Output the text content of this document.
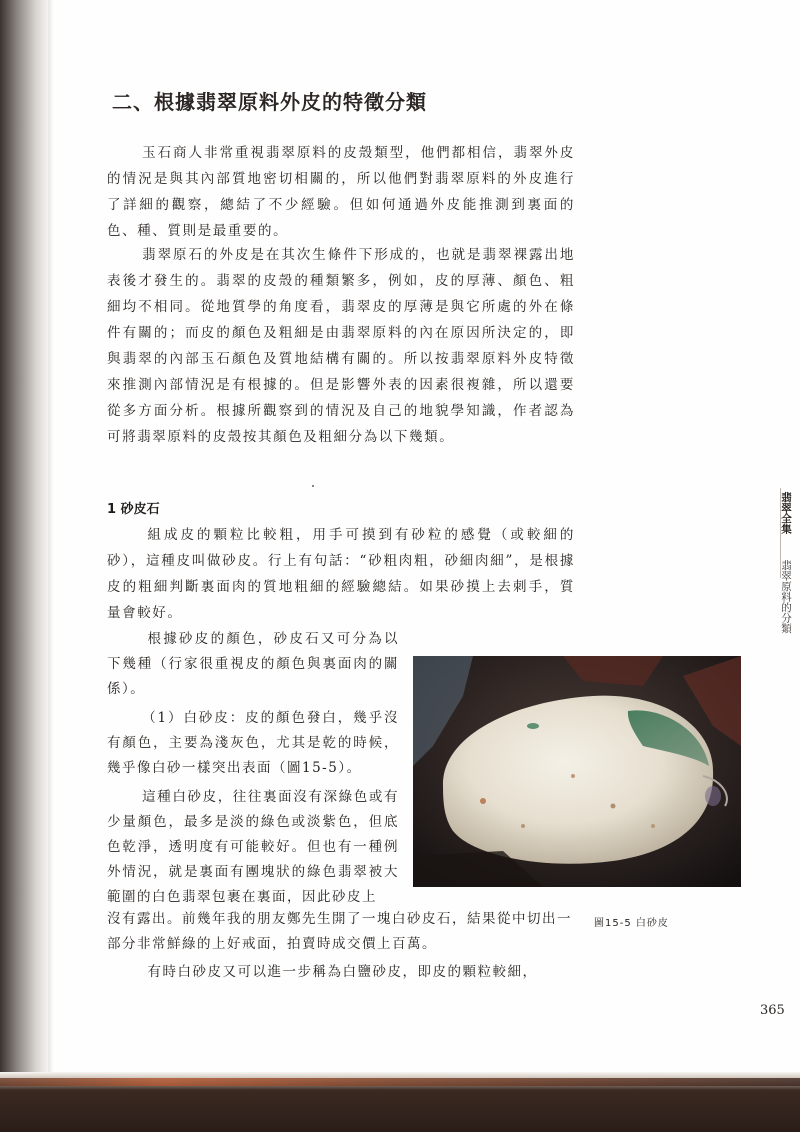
二、根據翡翠原料外皮的特徵分類

玉石商人非常重視翡翠原料的皮殼類型，他們都相信，翡翠外皮的情況是與其內部質地密切相關的，所以他們對翡翠原料的外皮進行了詳細的觀察，總結了不少經驗。但如何通過外皮能推測到裏面的色、種、質則是最重要的。

翡翠原石的外皮是在其次生條件下形成的，也就是翡翠裸露出地表後才發生的。翡翠的皮殼的種類繁多，例如，皮的厚薄、顏色、粗細均不相同。從地質學的角度看，翡翠皮的厚薄是與它所處的外在條件有關的；而皮的顏色及粗細是由翡翠原料的內在原因所決定的，即與翡翠的內部玉石顏色及質地結構有關的。所以按翡翠原料外皮特徵來推測內部情況是有根據的。但是影響外表的因素很複雜，所以還要從多方面分析。根據所觀察到的情況及自己的地貌學知識，作者認為可將翡翠原料的皮殼按其顏色及粗細分為以下幾類。

1 砂皮石

組成皮的顆粒比較粗，用手可摸到有砂粒的感覺（或較細的砂），這種皮叫做砂皮。行上有句話：“砂粗肉粗，砂細肉細”，是根據皮的粗細判斷裏面肉的質地粗細的經驗總結。如果砂摸上去刺手，質量會較好。

根據砂皮的顏色，砂皮石又可分為以下幾種（行家很重視皮的顏色與裏面肉的關係）。

（1）白砂皮：皮的顏色發白，幾乎沒有顏色，主要為淺灰色，尤其是乾的時候，幾乎像白砂一樣突出表面（圖15-5）。

這種白砂皮，往往裏面沒有深綠色或有少量顏色，最多是淡的綠色或淡紫色，但底色乾淨，透明度有可能較好。但也有一種例外情況，就是裏面有團塊狀的綠色翡翠被大範圍的白色翡翠包裹在裏面，因此砂皮上

沒有露出。前幾年我的朋友鄭先生開了一塊白砂皮石，結果從中切出一部分非常鮮綠的上好戒面，拍賣時成交價上百萬。

有時白砂皮又可以進一步稱為白鹽砂皮，即皮的顆粒較細，

圖15-5 白砂皮

翡翠全集

翡翠原料的分類

365
